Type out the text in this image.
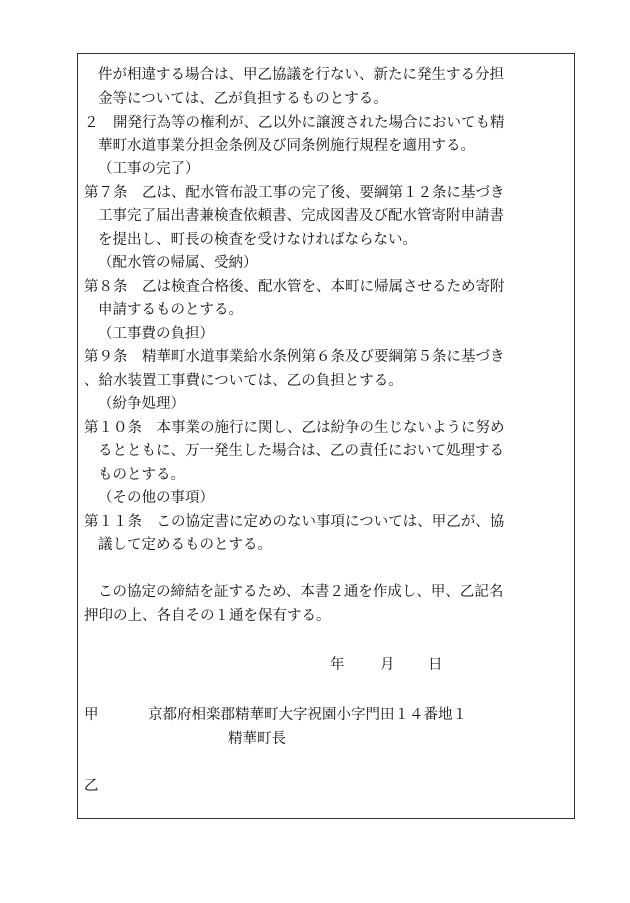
件が相違する場合は、甲乙協議を行ない、新たに発生する分担
金等については、乙が負担するものとする。
２　開発行為等の権利が、乙以外に譲渡された場合においても精
華町水道事業分担金条例及び同条例施行規程を適用する。
（工事の完了）
第７条　乙は、配水管布設工事の完了後、要綱第１２条に基づき
工事完了届出書兼検査依頼書、完成図書及び配水管寄附申請書
を提出し、町長の検査を受けなければならない。
（配水管の帰属、受納）
第８条　乙は検査合格後、配水管を、本町に帰属させるため寄附
申請するものとする。
（工事費の負担）
第９条　精華町水道事業給水条例第６条及び要綱第５条に基づき
、給水装置工事費については、乙の負担とする。
（紛争処理）
第１０条　本事業の施行に関し、乙は紛争の生じないように努め
るとともに、万一発生した場合は、乙の責任において処理する
ものとする。
（その他の事項）
第１１条　この協定書に定めのない事項については、甲乙が、協
議して定めるものとする。
この協定の締結を証するため、本書２通を作成し、甲、乙記名
押印の上、各自その１通を保有する。
年 月 日
甲	京都府相楽郡精華町大字祝園小字門田１４番地１
精華町長
乙
